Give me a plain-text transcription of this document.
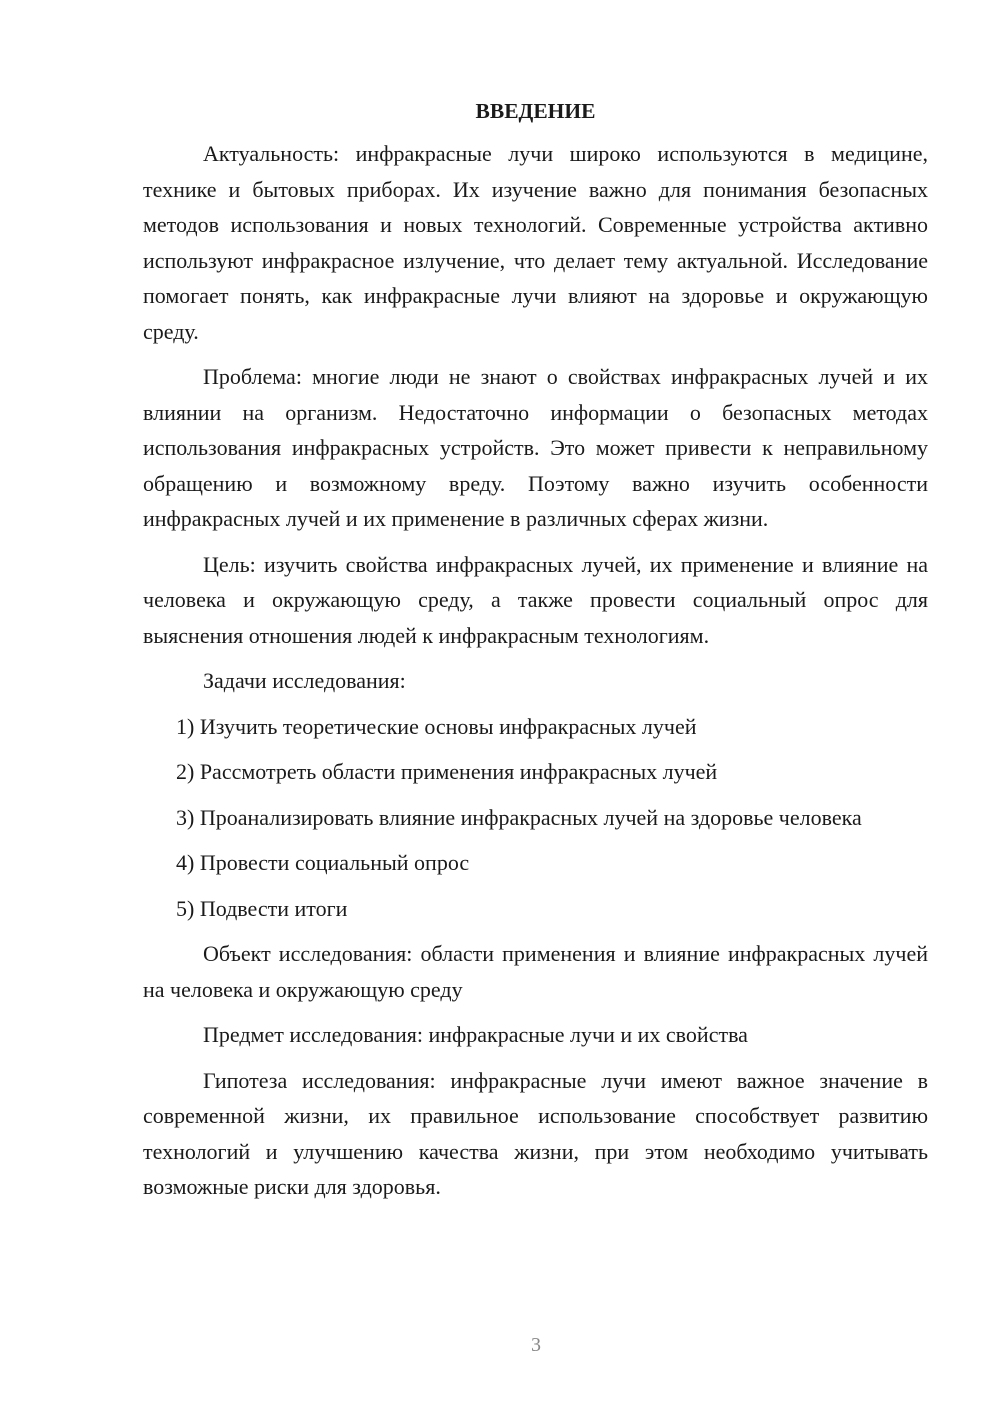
ВВЕДЕНИЕ

Актуальность: инфракрасные лучи широко используются в медицине, технике и бытовых приборах. Их изучение важно для понимания безопасных методов использования и новых технологий. Современные устройства активно используют инфракрасное излучение, что делает тему актуальной. Исследование помогает понять, как инфракрасные лучи влияют на здоровье и окружающую среду.

Проблема: многие люди не знают о свойствах инфракрасных лучей и их влиянии на организм. Недостаточно информации о безопасных методах использования инфракрасных устройств. Это может привести к неправильному обращению и возможному вреду. Поэтому важно изучить особенности инфракрасных лучей и их применение в различных сферах жизни.

Цель: изучить свойства инфракрасных лучей, их применение и влияние на человека и окружающую среду, а также провести социальный опрос для выяснения отношения людей к инфракрасным технологиям.

Задачи исследования:

1) Изучить теоретические основы инфракрасных лучей

2) Рассмотреть области применения инфракрасных лучей

3) Проанализировать влияние инфракрасных лучей на здоровье человека

4) Провести социальный опрос

5) Подвести итоги

Объект исследования: области применения и влияние инфракрасных лучей на человека и окружающую среду

Предмет исследования: инфракрасные лучи и их свойства

Гипотеза исследования: инфракрасные лучи имеют важное значение в современной жизни, их правильное использование способствует развитию технологий и улучшению качества жизни, при этом необходимо учитывать возможные риски для здоровья.

3
